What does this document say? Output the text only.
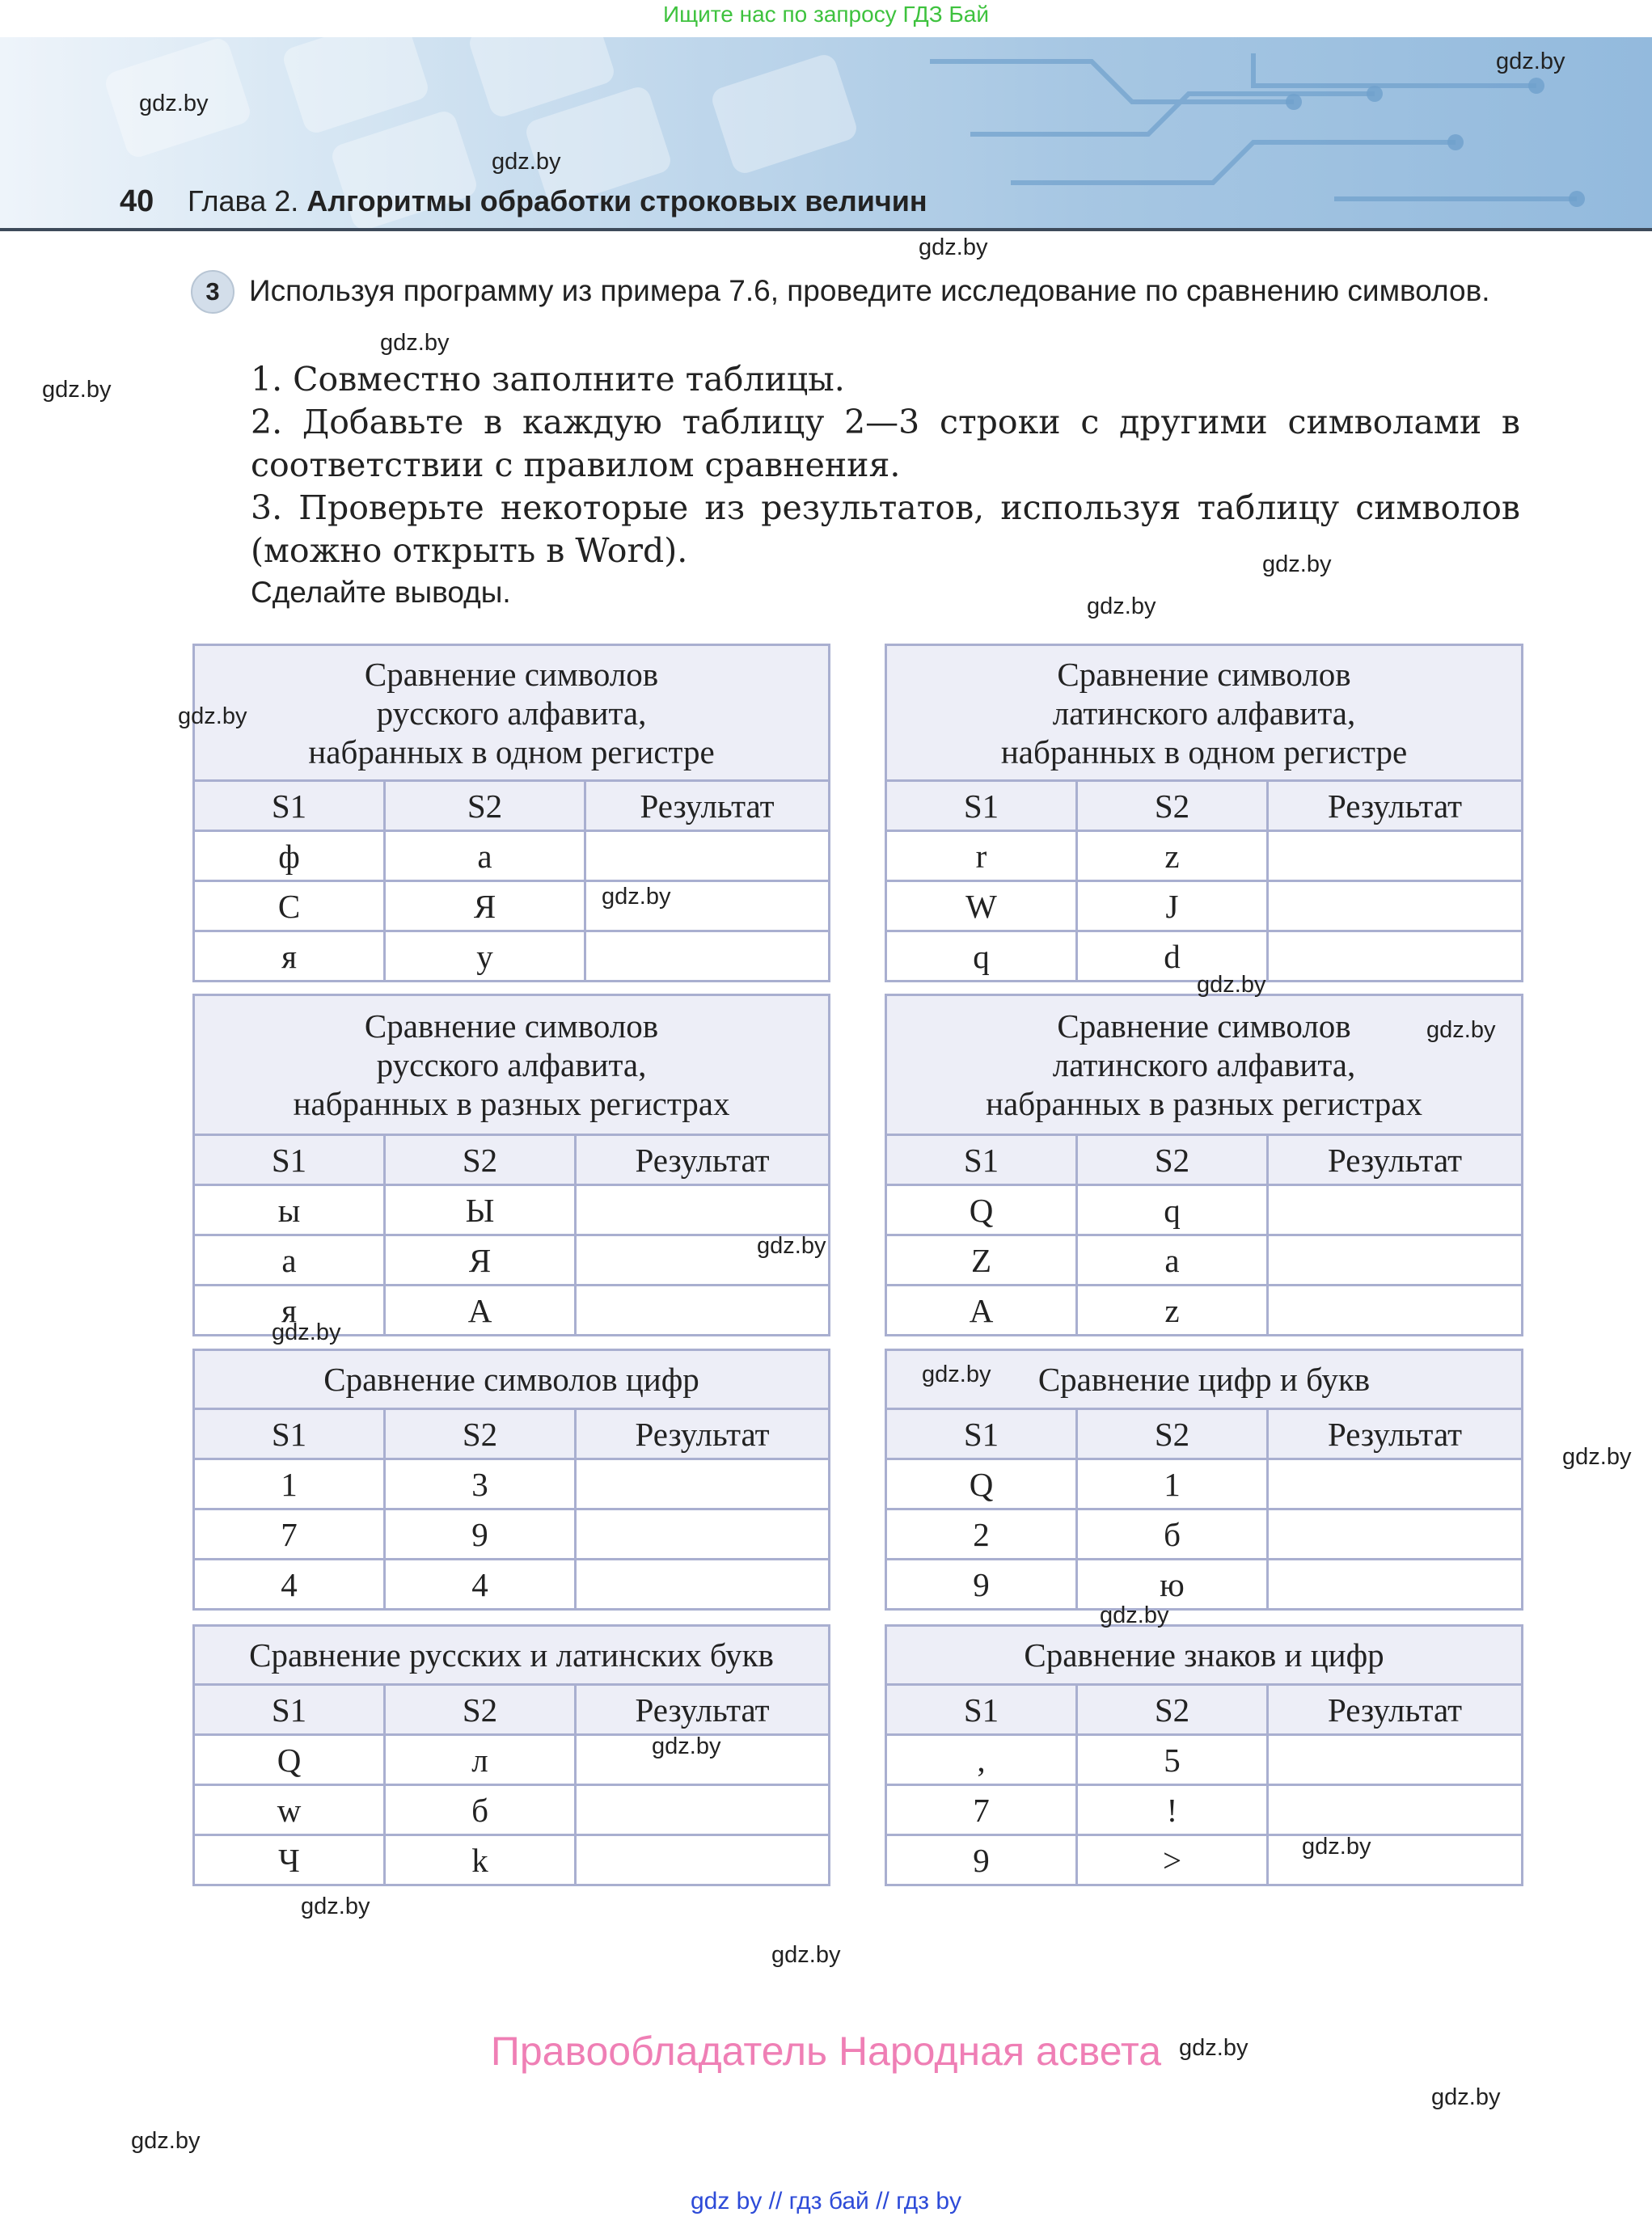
Ищите нас по запросу ГДЗ Бай
40 Глава 2. Алгоритмы обработки строковых величин
Используя программу из примера 7.6, проведите исследование по сравнению символов.
3
1. Совместно заполните таблицы.
2. Добавьте в каждую таблицу 2—3 строки с другими символами в соответствии с правилом сравнения.
3. Проверьте некоторые из результатов, используя таблицу символов (можно открыть в Word).
Сделайте выводы.
Сравнение символов
русского алфавита,
набранных в одном регистре		
S1	S2	Результат
ф	а	
С	Я	
я	у	
Сравнение символов
латинского алфавита,
набранных в одном регистре		
S1	S2	Результат
r	z	
W	J	
q	d	
Сравнение символов
русского алфавита,
набранных в разных регистрах		
S1	S2	Результат
ы	Ы	
а	Я	
я	А	
Сравнение символов
латинского алфавита,
набранных в разных регистрах		
S1	S2	Результат
Q	q	
Z	a	
A	z	
Сравнение символов цифр		
S1	S2	Результат
1	3	
7	9	
4	4	
Сравнение цифр и букв		
S1	S2	Результат
Q	1	
2	б	
9	ю	
Сравнение русских и латинских букв		
S1	S2	Результат
Q	л	
w	б	
Ч	k	
Сравнение знаков и цифр		
S1	S2	Результат
,	5	
7	!	
9	>	
gdz.by
gdz.by
gdz.by
gdz.by
gdz.by
gdz.by
gdz.by
gdz.by
gdz.by
gdz.by
gdz.by
gdz.by
gdz.by
gdz.by
gdz.by
gdz.by
gdz.by
gdz.by
gdz.by
gdz.by
gdz.by
gdz.by
gdz.by
gdz.by
Правообладатель Народная асвета
gdz by // гдз бай // гдз by
